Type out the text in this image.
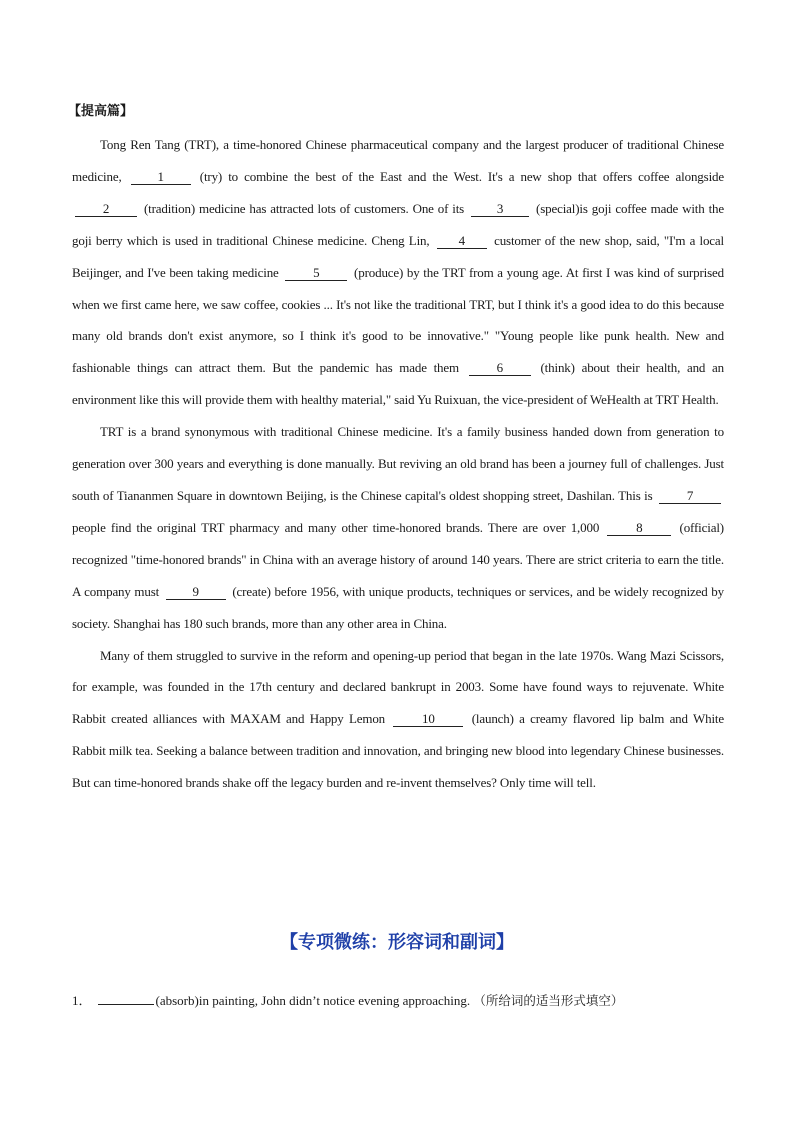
【提高篇】

Tong Ren Tang (TRT), a time-honored Chinese pharmaceutical company and the largest producer of traditional Chinese medicine,	1	(try) to combine the best of the East and the West. It's a new shop that offers coffee alongside 2	(tradition) medicine has attracted lots of customers. One of its	3	(special)is goji coffee made with the goji berry which is used in traditional Chinese medicine. Cheng Lin, 4 customer of the new shop, said, "I'm a local Beijinger, and I've been taking medicine	5	(produce) by the TRT from a young age. At first I was kind of surprised when we first came here, we saw coffee, cookies ... It's not like the traditional TRT, but I think it's a good idea to do this because many old brands don't exist anymore, so I think it's good to be innovative." "Young people like punk health. New and fashionable things can attract them. But the pandemic has made them	6	(think) about their health, and an environment like this will provide them with healthy material," said Yu Ruixuan, the vice-president of WeHealth at TRT Health.

TRT is a brand synonymous with traditional Chinese medicine. It's a family business handed down from generation to generation over 300 years and everything is done manually. But reviving an old brand has been a journey full of challenges. Just south of Tiananmen Square in downtown Beijing, is the Chinese capital's oldest shopping street, Dashilan. This is	7 people find the original TRT pharmacy and many other time-honored brands. There are over 1,000	8	(official) recognized "time-honored brands" in China with an average history of around 140 years. There are strict criteria to earn the title. A company must	9	(create) before 1956, with unique products, techniques or services, and be widely recognized by society. Shanghai has 180 such brands, more than any other area in China.

Many of them struggled to survive in the reform and opening-up period that began in the late 1970s. Wang Mazi Scissors, for example, was founded in the 17th century and declared bankrupt in 2003. Some have found ways to rejuvenate. White Rabbit created alliances with MAXAM and Happy Lemon	10	(launch) a creamy flavored lip balm and White Rabbit milk tea. Seeking a balance between tradition and innovation, and bringing new blood into legendary Chinese businesses. But can time-honored brands shake off the legacy burden and re-invent themselves? Only time will tell.

【专项微练：形容词和副词】
1．	(absorb)in painting, John didn’t notice evening approaching. （所给词的适当形式填空）
